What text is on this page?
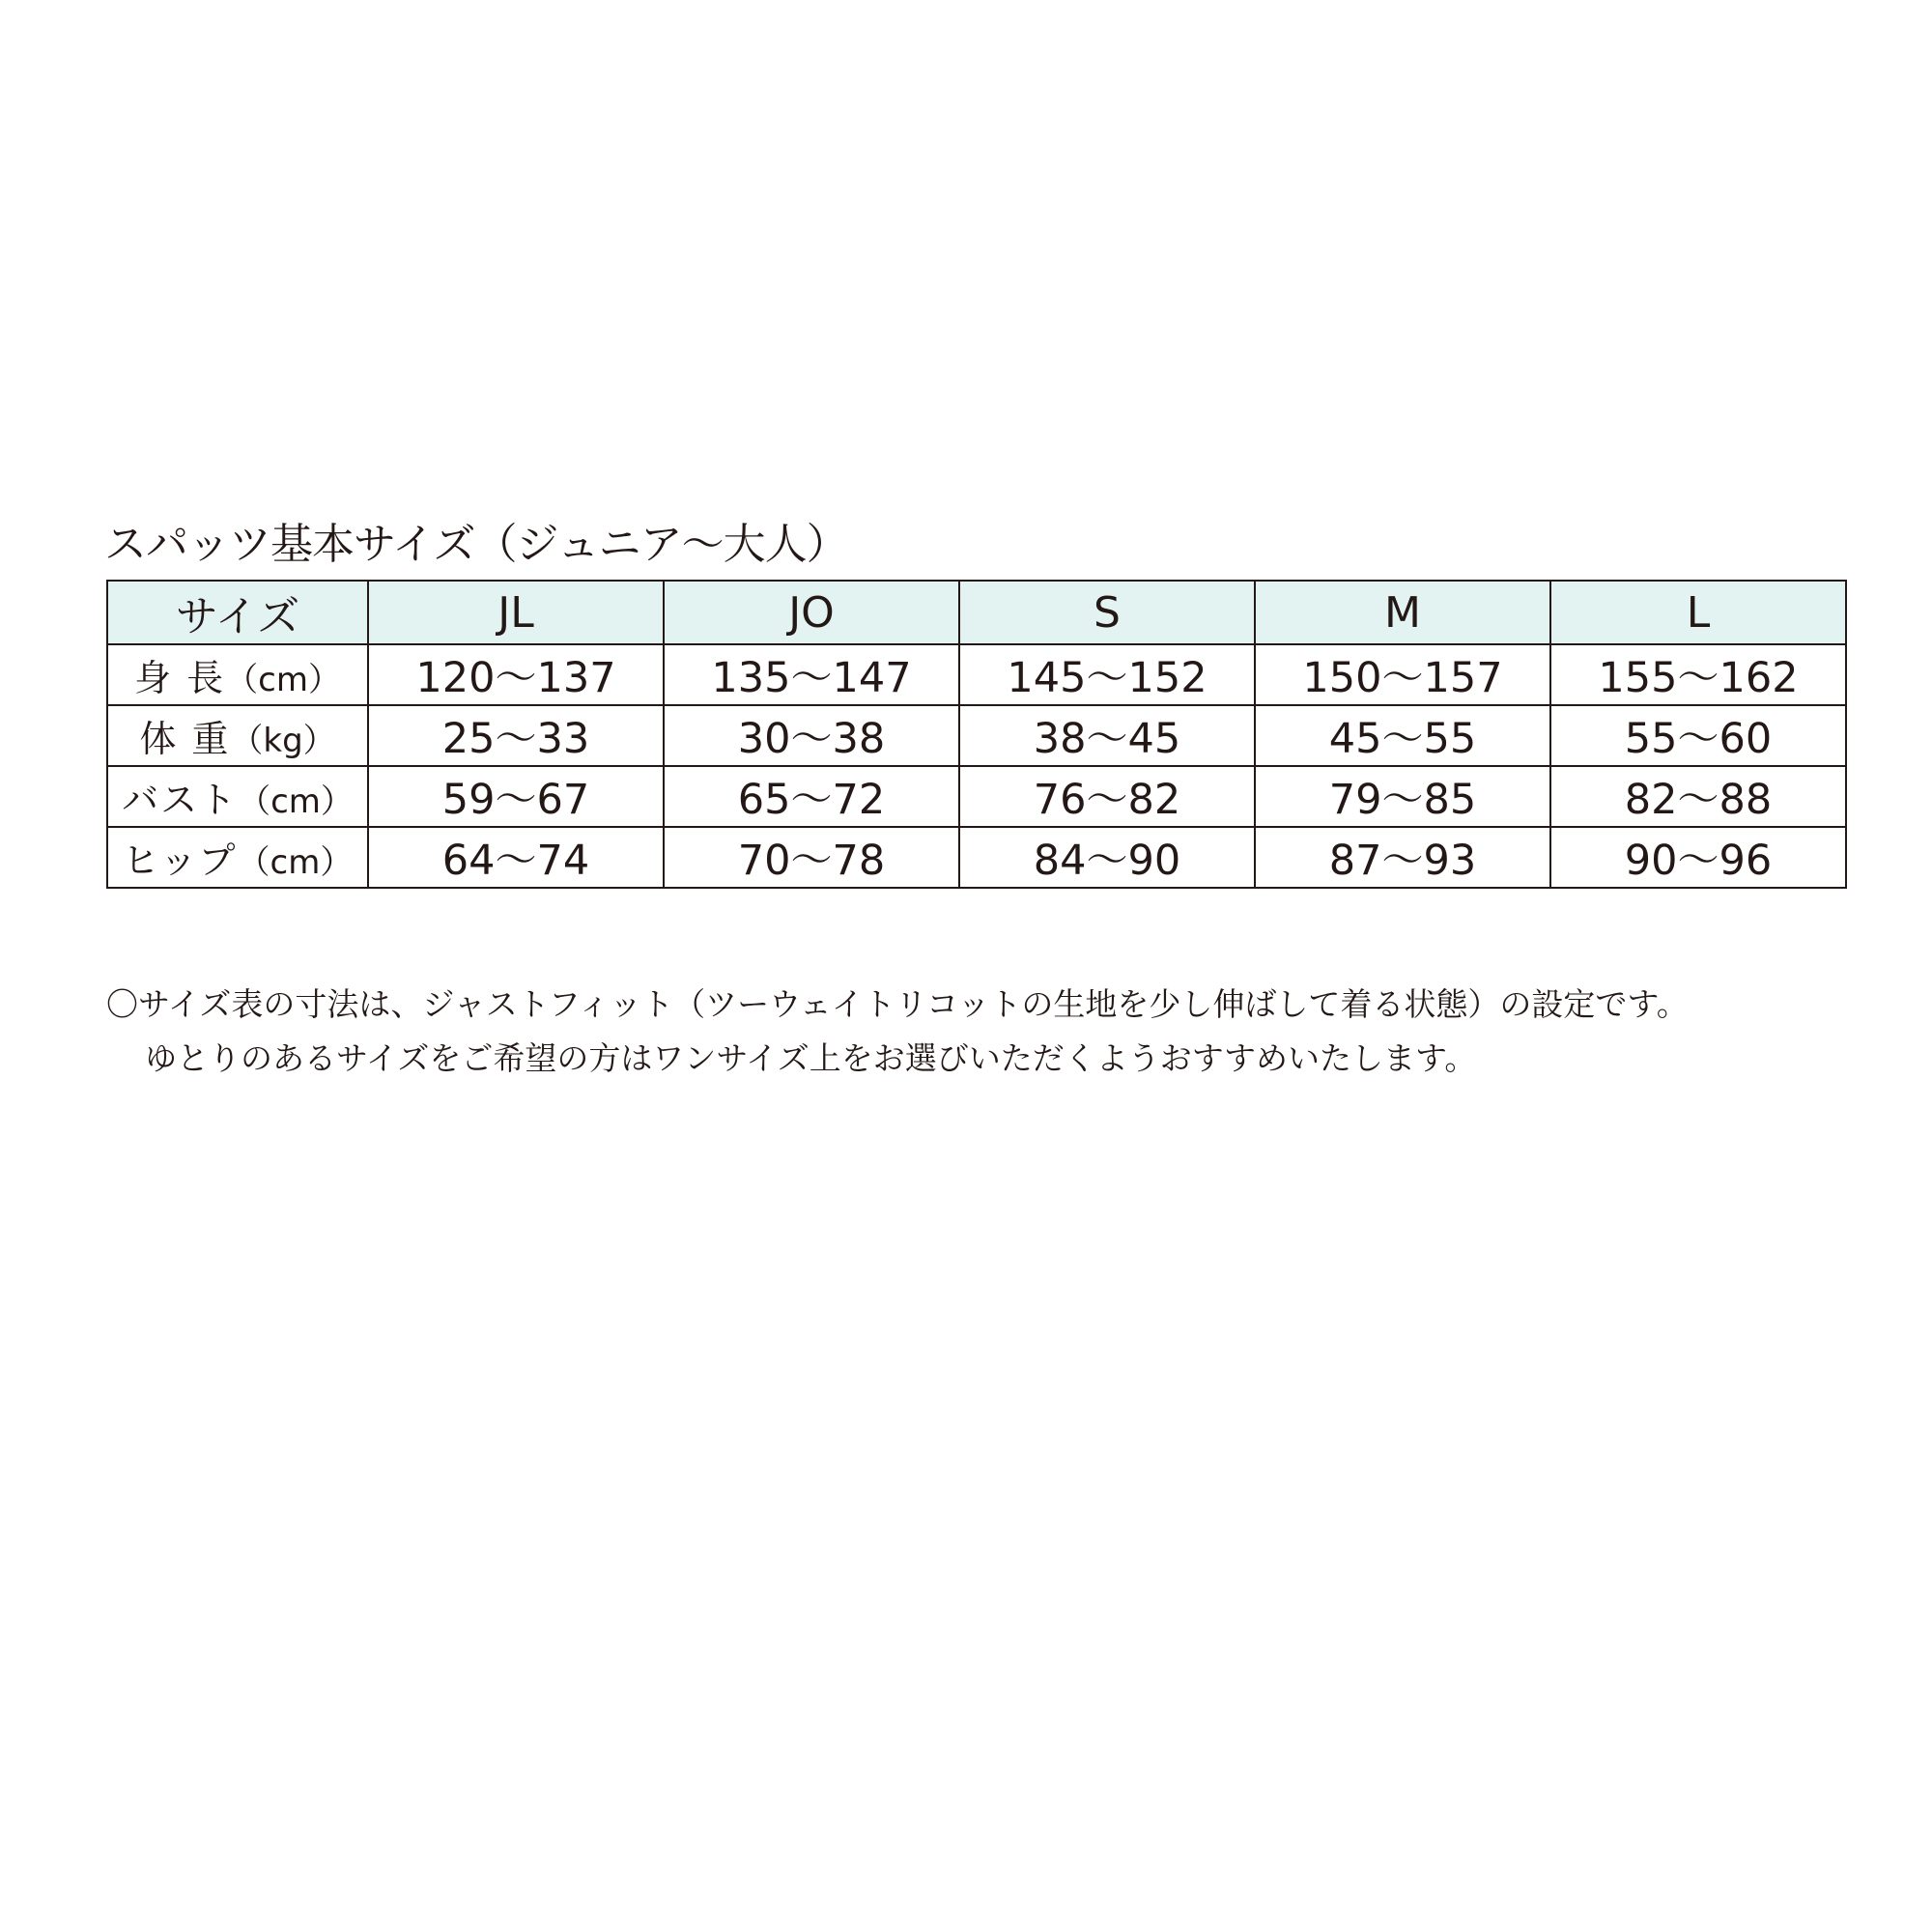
スパッツ基本サイズ（ジュニア〜大人）
サイズ	JL	JO	S	M	L
身 長（cm）	120〜137	135〜147	145〜152	150〜157	155〜162
体 重（kg）	25〜33	30〜38	38〜45	45〜55	55〜60
バスト（cm）	59〜67	65〜72	76〜82	79〜85	82〜88
ヒップ（cm）	64〜74	70〜78	84〜90	87〜93	90〜96
〇サイズ表の寸法は、ジャストフィット（ツーウェイトリコットの生地を少し伸ばして着る状態）の設定です。
ゆとりのあるサイズをご希望の方はワンサイズ上をお選びいただくようおすすめいたします。
